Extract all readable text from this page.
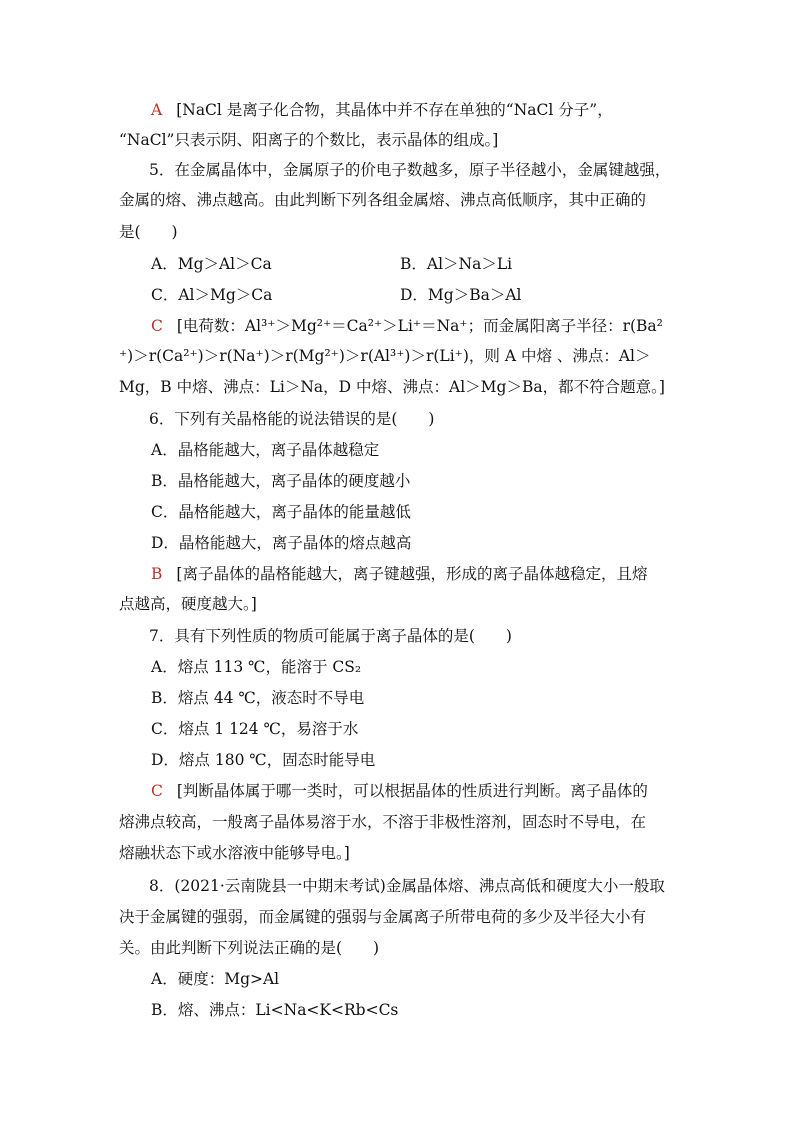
A [NaCl 是离子化合物，其晶体中并不存在单独的“NaCl 分子”，
“NaCl”只表示阴、阳离子的个数比，表示晶体的组成。]
5．在金属晶体中，金属原子的价电子数越多，原子半径越小，金属键越强，
金属的熔、沸点越高。由此判断下列各组金属熔、沸点高低顺序，其中正确的
是(　　)
A．Mg＞Al＞Ca	B．Al＞Na＞Li
C．Al＞Mg＞Ca	D．Mg＞Ba＞Al
C [电荷数：Al³⁺＞Mg²⁺＝Ca²⁺＞Li⁺＝Na⁺；而金属阳离子半径：r(Ba²
⁺)＞r(Ca²⁺)＞r(Na⁺)＞r(Mg²⁺)＞r(Al³⁺)＞r(Li⁺)，则 A 中熔 、沸点：Al＞
Mg，B 中熔、沸点：Li＞Na，D 中熔、沸点：Al＞Mg＞Ba，都不符合题意。]
6．下列有关晶格能的说法错误的是(　　)
A．晶格能越大，离子晶体越稳定
B．晶格能越大，离子晶体的硬度越小
C．晶格能越大，离子晶体的能量越低
D．晶格能越大，离子晶体的熔点越高
B [离子晶体的晶格能越大，离子键越强，形成的离子晶体越稳定，且熔
点越高，硬度越大。]
7．具有下列性质的物质可能属于离子晶体的是(　　)
A．熔点 113 ℃，能溶于 CS₂
B．熔点 44 ℃，液态时不导电
C．熔点 1 124 ℃，易溶于水
D．熔点 180 ℃，固态时能导电
C [判断晶体属于哪一类时，可以根据晶体的性质进行判断。离子晶体的
熔沸点较高，一般离子晶体易溶于水，不溶于非极性溶剂，固态时不导电，在
熔融状态下或水溶液中能够导电。]
8．(2021·云南陇县一中期末考试)金属晶体熔、沸点高低和硬度大小一般取
决于金属键的强弱，而金属键的强弱与金属离子所带电荷的多少及半径大小有
关。由此判断下列说法正确的是(　　)
A．硬度：Mg>Al
B．熔、沸点：Li<Na<K<Rb<Cs
